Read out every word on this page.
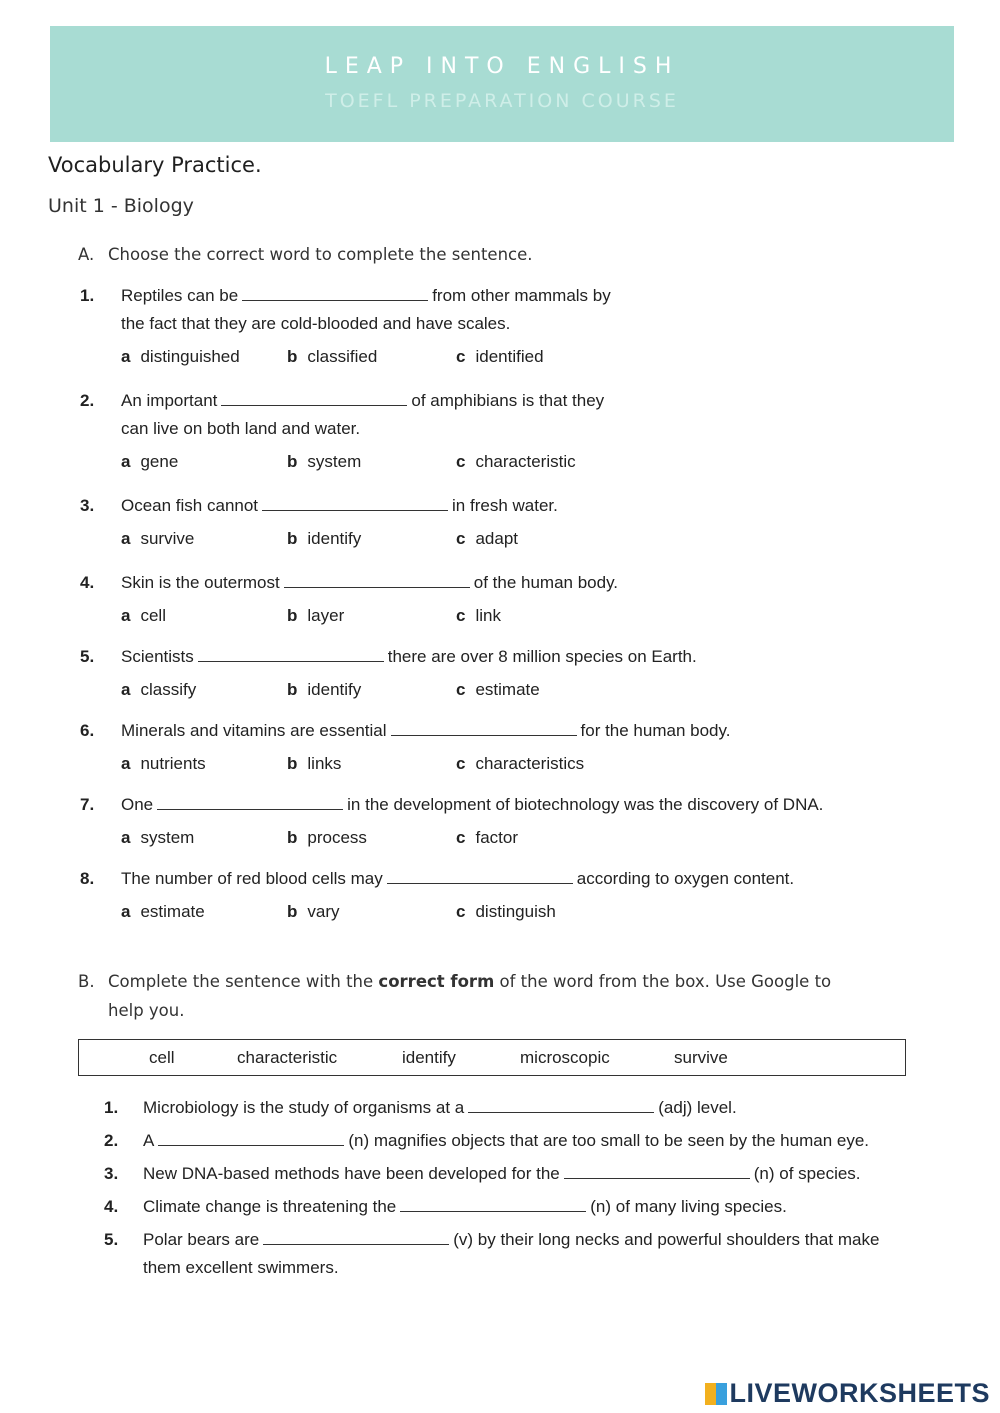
LEAP INTO ENGLISH
TOEFL PREPARATION COURSE
Vocabulary Practice.
Unit 1 - Biology
A. Choose the correct word to complete the sentence.
1. Reptiles can be	from other mammals by
the fact that they are cold-blooded and have scales.
a distinguished	b classified	c identified
2. An important	of amphibians is that they
can live on both land and water.
a gene	b system	c characteristic
3. Ocean fish cannot	in fresh water.
a survive	b identify	c adapt
4. Skin is the outermost	of the human body.
a cell	b layer	c link
5. Scientists	there are over 8 million species on Earth.
a classify	b identify	c estimate
6. Minerals and vitamins are essential	for the human body.
a nutrients	b links	c characteristics
7. One	in the development of biotechnology was the discovery of DNA.
a system	b process	c factor
8. The number of red blood cells may	according to oxygen content.
a estimate	b vary	c distinguish
B. Complete the sentence with the correct form of the word from the box. Use Google to
help you.
cell	characteristic	identify	microscopic	survive
1. Microbiology is the study of organisms at a	(adj) level.
2. A	(n) magnifies objects that are too small to be seen by the human eye.
3. New DNA-based methods have been developed for the	(n) of species.
4. Climate change is threatening the	(n) of many living species.
5. Polar bears are	(v) by their long necks and powerful shoulders that make
them excellent swimmers.
LIVEWORKSHEETS
